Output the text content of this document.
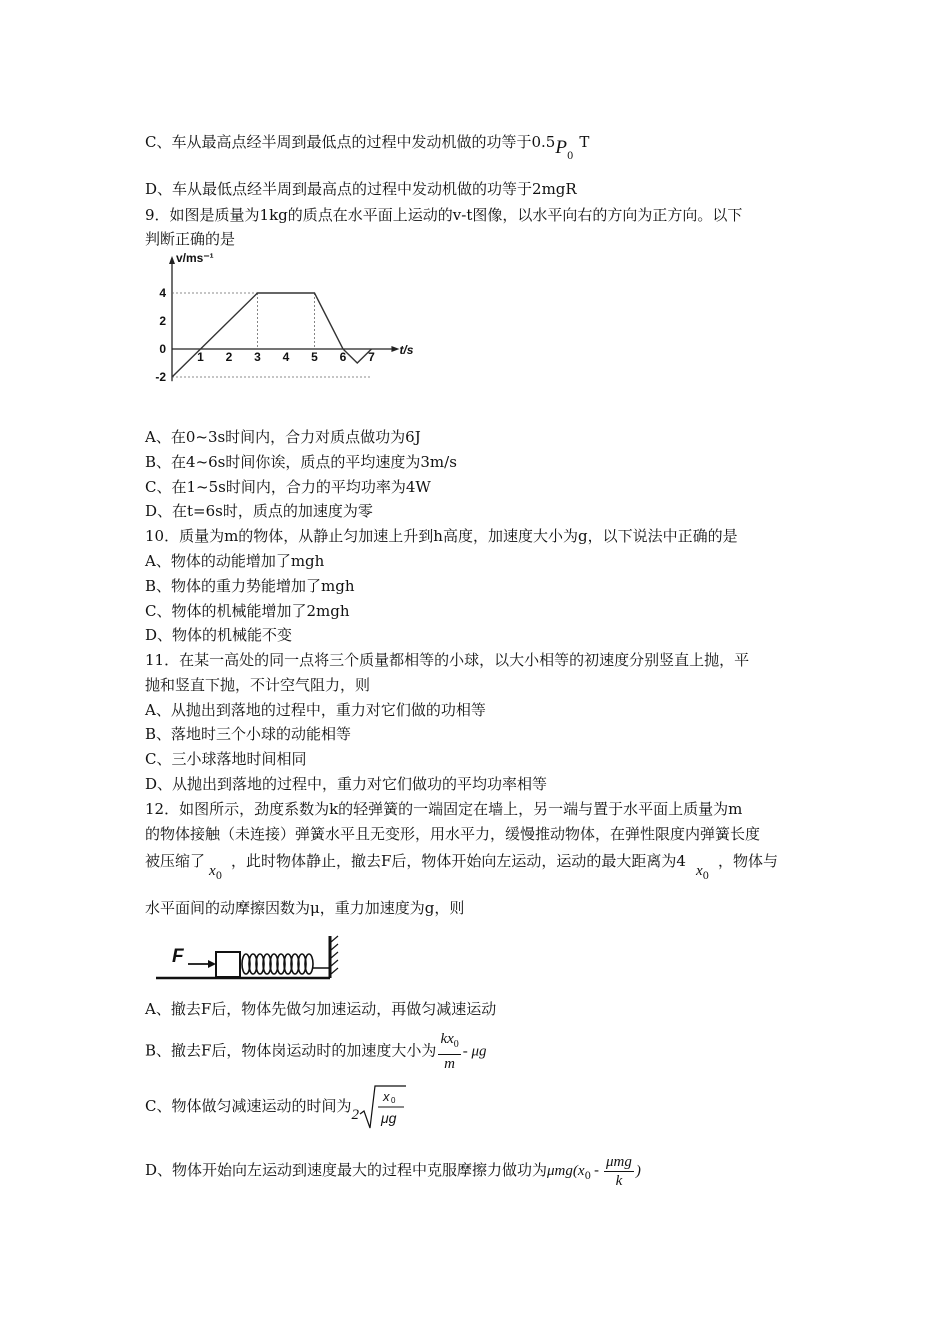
C、车从最高点经半周到最低点的过程中发动机做的功等于$0.5P_0T$
D、车从最低点经半周到最高点的过程中发动机做的功等于2mgR
9．如图是质量为1kg的质点在水平面上运动的v-t图像，以水平向右的方向为正方向。以下
判断正确的是
v/ms⁻¹
t/s
4
2
0
-2
1 2 3 4 5 6 7
A、在0~3s时间内，合力对质点做功为6J
B、在4~6s时间你诶，质点的平均速度为3m/s
C、在1~5s时间内，合力的平均功率为4W
D、在t=6s时，质点的加速度为零
10．质量为m的物体，从静止匀加速上升到h高度，加速度大小为g，以下说法中正确的是
A、物体的动能增加了mgh
B、物体的重力势能增加了mgh
C、物体的机械能增加了2mgh
D、物体的机械能不变
11．在某一高处的同一点将三个质量都相等的小球，以大小相等的初速度分别竖直上抛，平
抛和竖直下抛，不计空气阻力，则
A、从抛出到落地的过程中，重力对它们做的功相等
B、落地时三个小球的动能相等
C、三小球落地时间相同
D、从抛出到落地的过程中，重力对它们做功的平均功率相等
12．如图所示，劲度系数为k的轻弹簧的一端固定在墙上，另一端与置于水平面上质量为m
的物体接触（未连接）弹簧水平且无变形，用水平力，缓慢推动物体，在弹性限度内弹簧长度
被压缩了$x_0$，此时物体静止，撤去F后，物体开始向左运动，运动的最大距离为$4x_0$，物体与
水平面间的动摩擦因数为μ，重力加速度为g，则
F
A、撤去F后，物体先做匀加速运动，再做匀减速运动
B、撤去F后，物体岗运动时的加速度大小为 $\frac{kx_0}{m}$ - μg
C、物体做匀减速运动的时间为2
x 0
μg
D、物体开始向左运动到速度最大的过程中克服摩擦力做功为$\mu mg(x_0 - \frac{\text{μmg}}{k}$ )
